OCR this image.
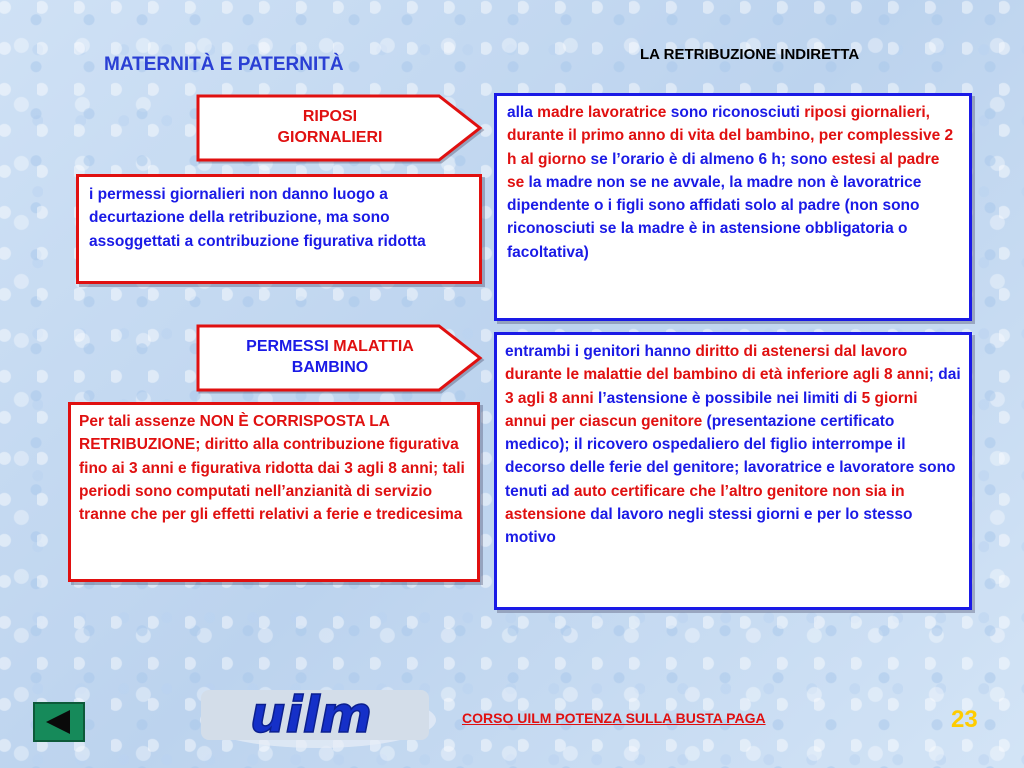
MATERNITÀ E PATERNITÀ	LA RETRIBUZIONE INDIRETTA
RIPOSI
GIORNALIERI
i permessi giornalieri non danno luogo a decurtazione della retribuzione, ma sono assoggettati a contribuzione figurativa ridotta
alla madre lavoratrice sono riconosciuti riposi giornalieri, durante il primo anno di vita del bambino, per complessive 2 h al giorno se l’orario è di almeno 6 h; sono estesi al padre se la madre non se ne avvale, la madre non è lavoratrice dipendente o i figli sono affidati solo al padre (non sono riconosciuti se la madre è in astensione obbligatoria o facoltativa)
PERMESSI MALATTIA
BAMBINO
Per tali assenze NON È CORRISPOSTA LA RETRIBUZIONE; diritto alla contribuzione figurativa fino ai 3 anni e figurativa ridotta dai 3 agli 8 anni; tali periodi sono computati nell’anzianità di servizio tranne che per gli effetti relativi a ferie e tredicesima
entrambi i genitori hanno diritto di astenersi dal lavoro durante le malattie del bambino di età inferiore agli 8 anni; dai 3 agli 8 anni l’astensione è possibile nei limiti di 5 giorni annui per ciascun genitore (presentazione certificato medico); il ricovero ospedaliero del figlio interrompe il decorso delle ferie del genitore; lavoratrice e lavoratore sono tenuti ad auto certificare che l’altro genitore non sia in astensione dal lavoro negli stessi giorni e per lo stesso motivo
uilm	CORSO UILM POTENZA SULLA BUSTA PAGA	23
